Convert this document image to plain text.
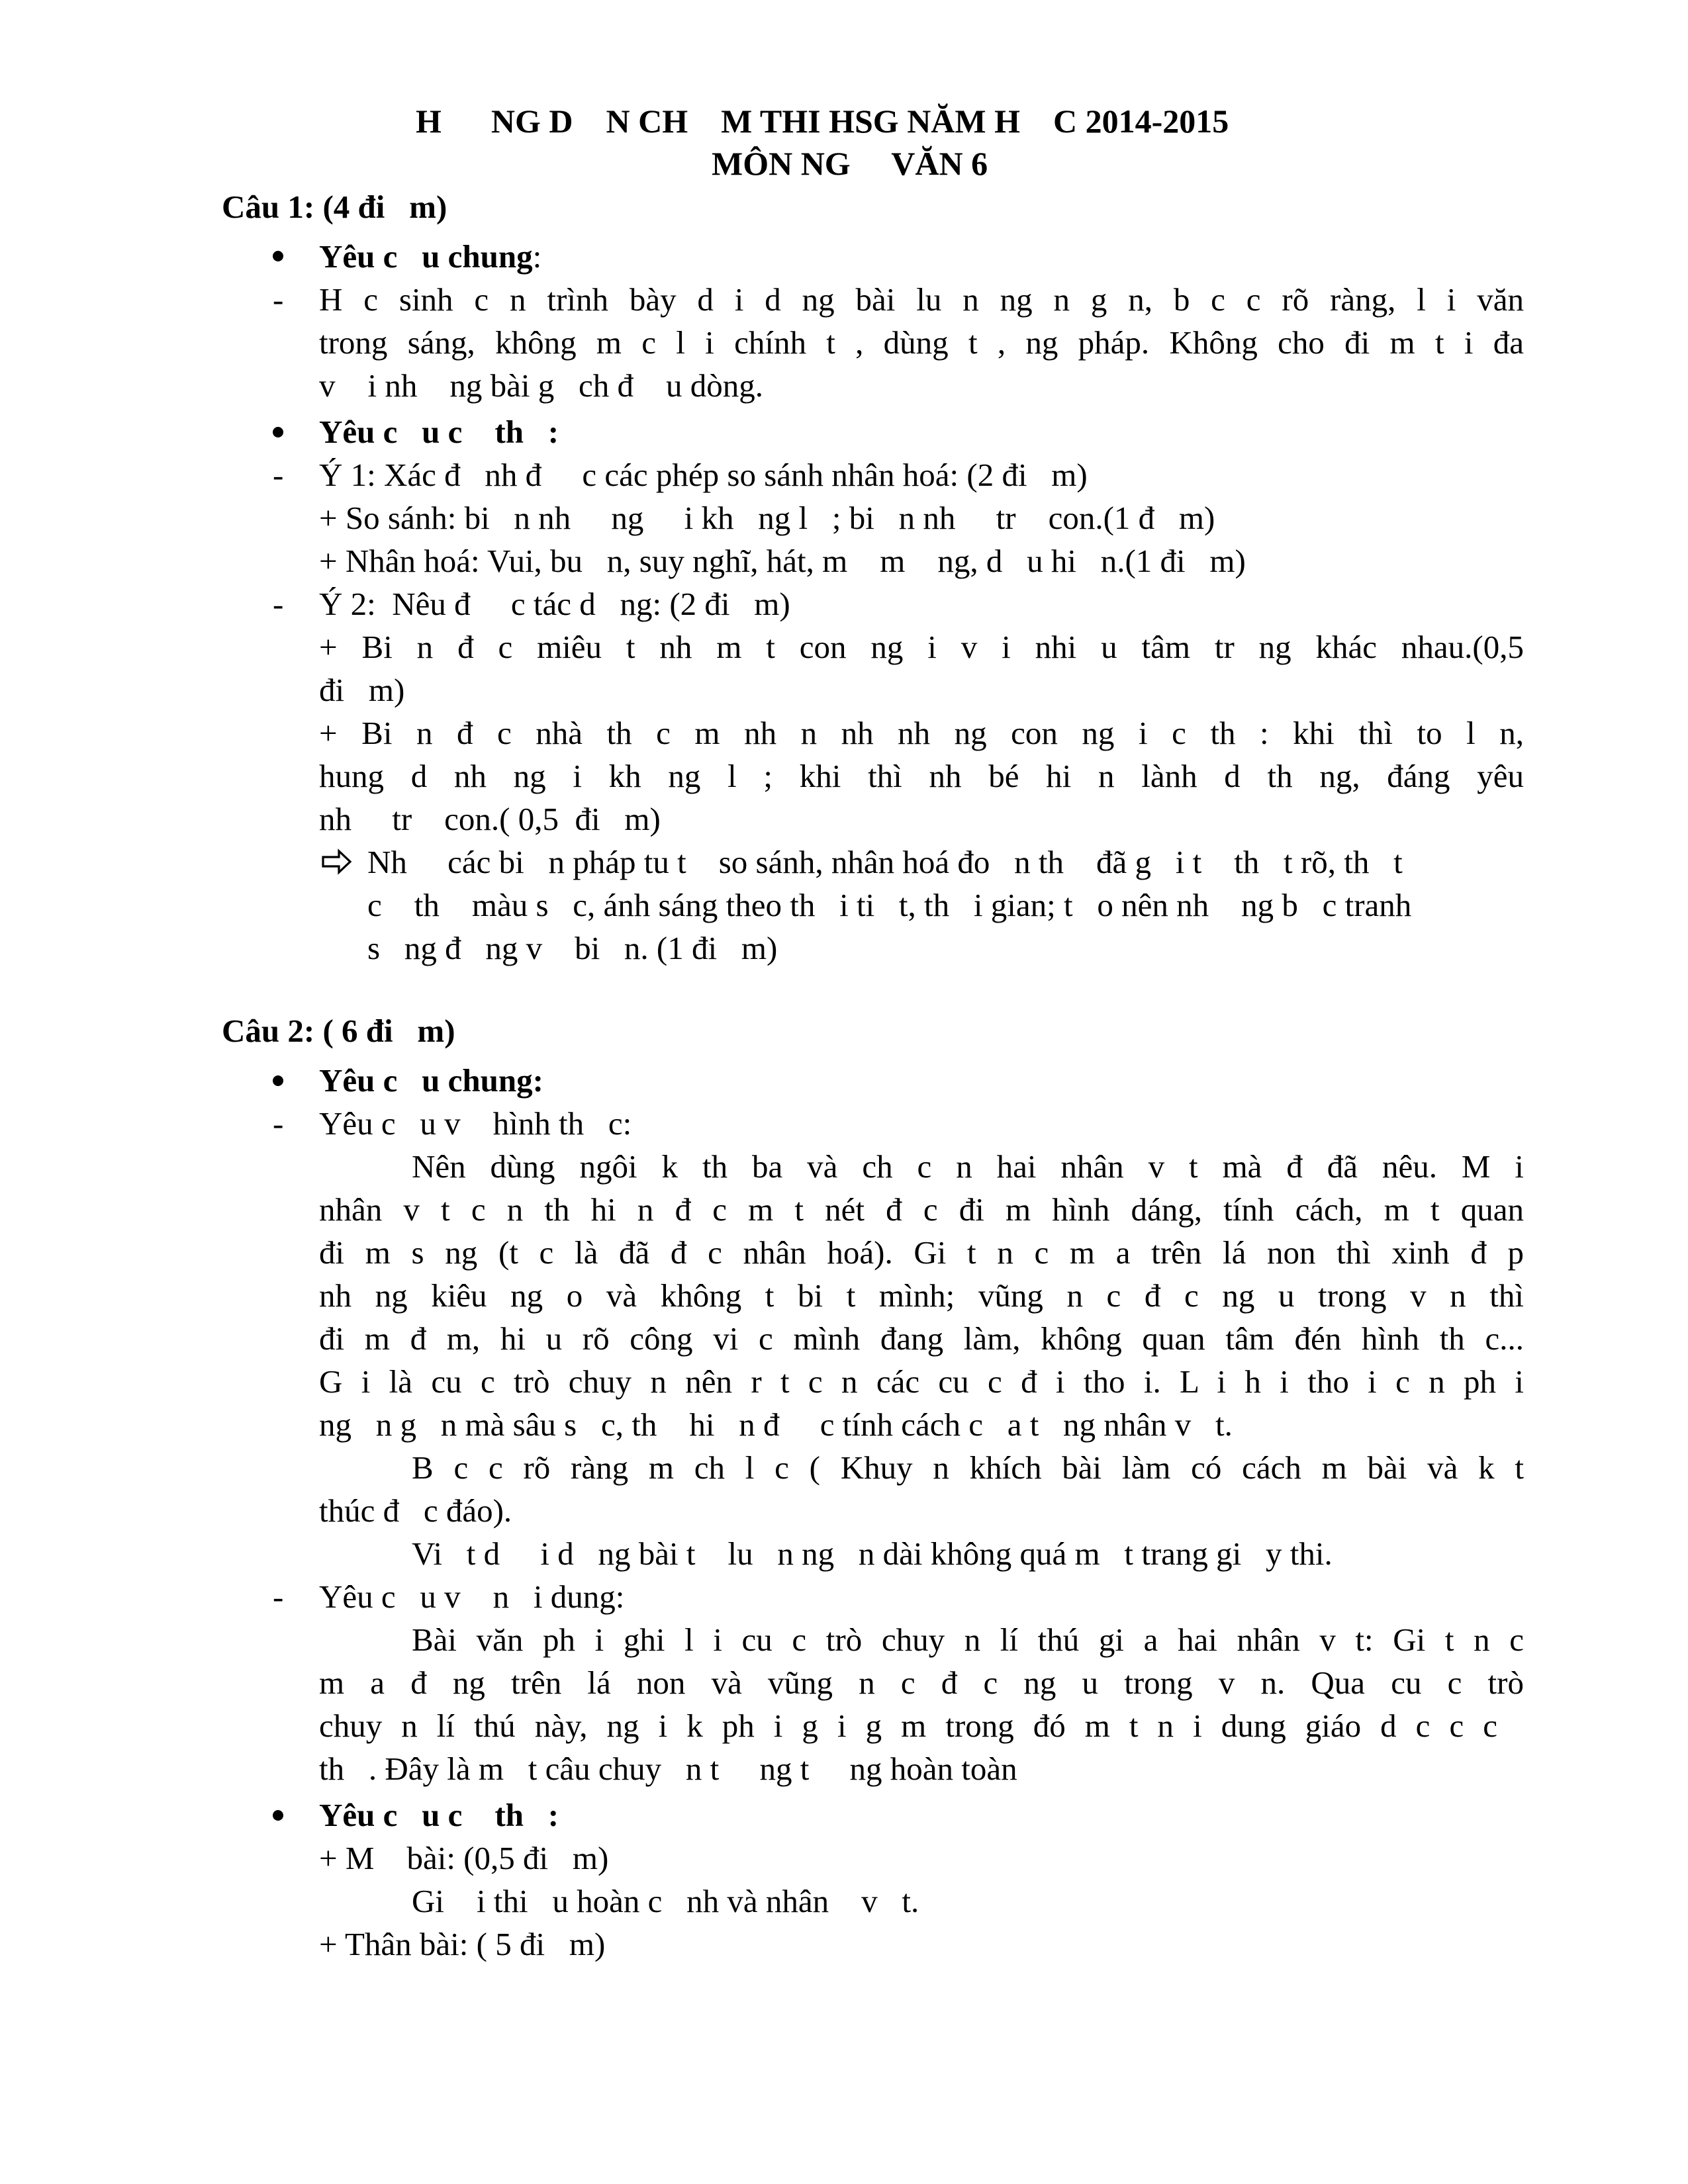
H      NG D    N CH    M THI HSG NĂM H    C 2014-2015
MÔN NG     VĂN 6
Câu 1: (4 đi   m)
Yêu c   u chung:
- H c sinh c n trình bày d i d ng bài lu n ng n g n, b c c rõ ràng, l i văn
trong sáng, không m c l i chính t , dùng t , ng pháp. Không cho đi m t i đa
v    i nh    ng bài g   ch đ    u dòng.
Yêu c   u c    th   :
- Ý 1: Xác đ   nh đ     c các phép so sánh nhân hoá: (2 đi   m)
+ So sánh: bi   n nh     ng     i kh   ng l   ; bi   n nh     tr    con.(1 đ   m)
+ Nhân hoá: Vui, bu   n, suy nghĩ, hát, m    m    ng, d   u hi   n.(1 đi   m)
- Ý 2:  Nêu đ     c tác d   ng: (2 đi   m)
+ Bi n đ c miêu t nh m t con ng i v i nhi u tâm tr ng khác nhau.(0,5
đi   m)
+ Bi n đ c nhà th c m nh n nh nh ng con ng i c th : khi thì to l n,
hung d nh ng i kh ng l ; khi thì nh bé hi n lành d th ng, đáng yêu
nh     tr    con.( 0,5  đi   m)
Nh     các bi   n pháp tu t    so sánh, nhân hoá đo   n th    đã g   i t    th   t rõ, th   t
c    th    màu s   c, ánh sáng theo th   i ti   t, th   i gian; t   o nên nh    ng b   c tranh
s   ng đ   ng v    bi   n. (1 đi   m)
Câu 2: ( 6 đi   m)
Yêu c   u chung:
- Yêu c   u v    hình th   c:
Nên dùng ngôi k th ba và ch c n hai nhân v t mà đ đã nêu. M i
nhân v t c n th hi n đ c m t nét đ c đi m hình dáng, tính cách, m t quan
đi m s ng (t c là đã đ c nhân hoá). Gi t n c m a trên lá non thì xinh đ p
nh ng kiêu ng o và không t bi t mình; vũng n c đ c ng u trong v n thì
đi m đ m, hi u rõ công vi c mình đang làm, không quan tâm đén hình th c...
G i là cu c trò chuy n nên r t c n các cu c đ i tho i. L i h i tho i c n ph i
ng   n g   n mà sâu s   c, th    hi   n đ     c tính cách c   a t   ng nhân v   t.
B c c rõ ràng m ch l c ( Khuy n khích bài làm có cách m bài và k t
thúc đ   c đáo).
Vi   t d     i d   ng bài t    lu   n ng   n dài không quá m   t trang gi   y thi.
- Yêu c   u v    n   i dung:
Bài văn ph i ghi l i cu c trò chuy n lí thú gi a hai nhân v t: Gi t n c
m a đ ng trên lá non và vũng n c đ c ng u trong v n. Qua cu c trò
chuy n lí thú này, ng i k ph i g i g m trong đó m t n i dung giáo d c c c
th   . Đây là m   t câu chuy   n t     ng t     ng hoàn toàn
Yêu c   u c    th   :
+ M    bài: (0,5 đi   m)
Gi    i thi   u hoàn c   nh và nhân    v   t.
+ Thân bài: ( 5 đi   m)
